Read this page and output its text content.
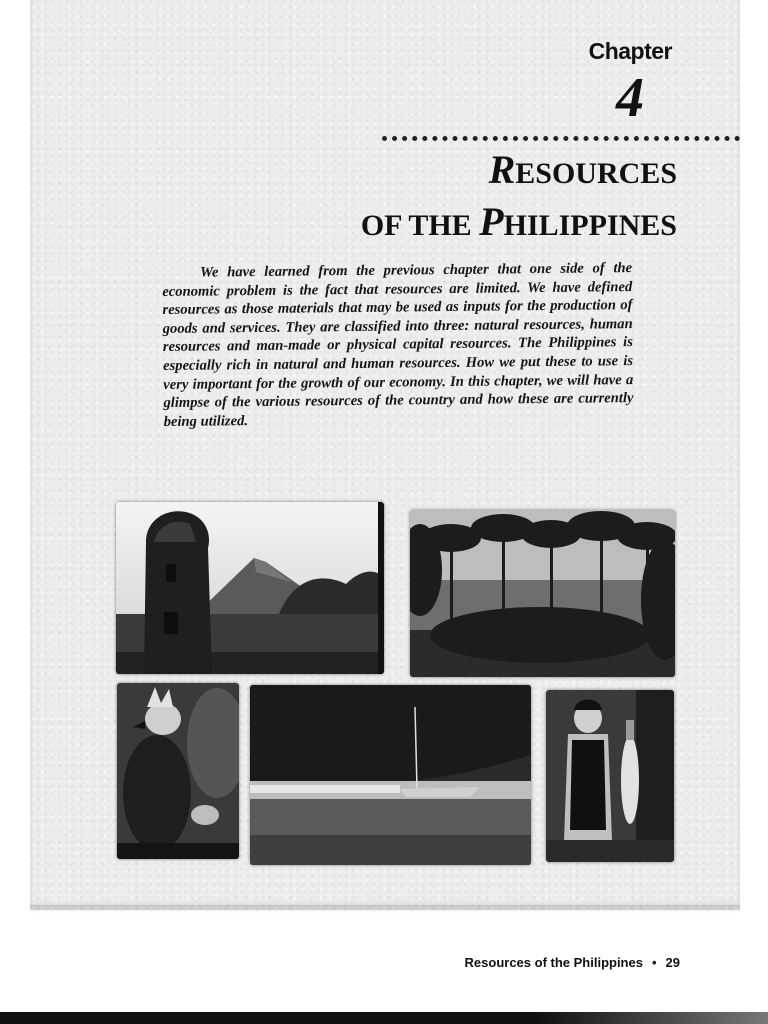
Chapter
4
RESOURCES
OF THE PHILIPPINES

We have learned from the previous chapter that one side of the economic problem is the fact that resources are limited. We have defined resources as those materials that may be used as inputs for the production of goods and services. They are classified into three: natural resources, human resources and man-made or physical capital resources. The Philippines is especially rich in natural and human resources. How we put these to use is very important for the growth of our economy. In this chapter, we will have a glimpse of the various resources of the country and how these are currently being utilized.

Resources of the Philippines • 29
